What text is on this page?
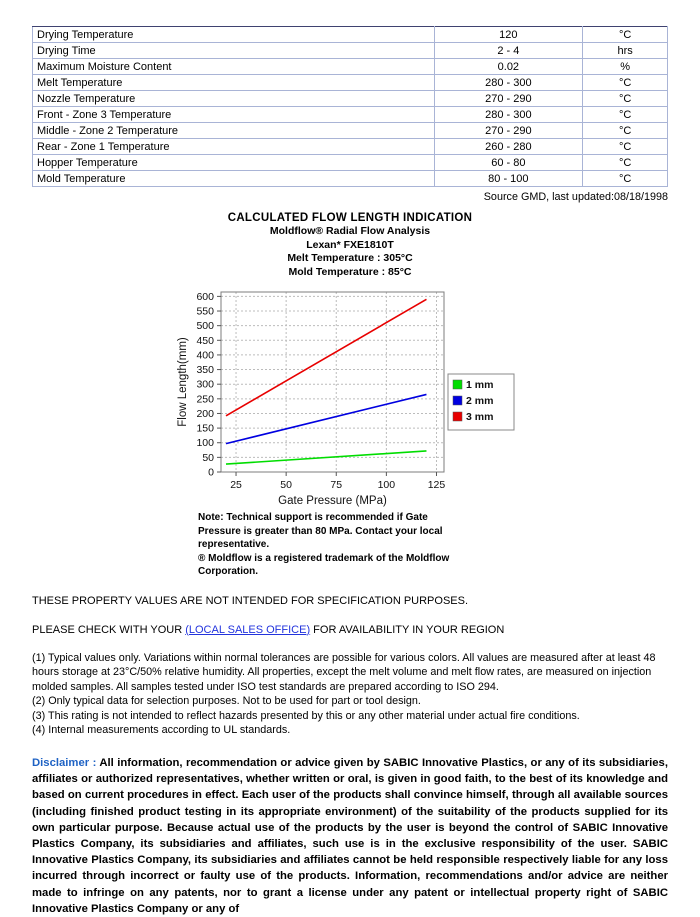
Drying Temperature	120	°C
Drying Time	2 - 4	hrs
Maximum Moisture Content	0.02	%
Melt Temperature	280 - 300	°C
Nozzle Temperature	270 - 290	°C
Front - Zone 3 Temperature	280 - 300	°C
Middle - Zone 2 Temperature	270 - 290	°C
Rear - Zone 1 Temperature	260 - 280	°C
Hopper Temperature	60 - 80	°C
Mold Temperature	80 - 100	°C
Source GMD, last updated:08/18/1998
CALCULATED FLOW LENGTH INDICATION
Moldflow® Radial Flow Analysis
Lexan* FXE1810T
Melt Temperature : 305°C
Mold Temperature : 85°C
0
50
100
150
200
250
300
350
400
450
500
550
600
25	50	75	100	125
Gate Pressure (MPa)
Flow Length(mm)	1 mm
2 mm
3 mm
Note: Technical support is recommended if Gate
Pressure is greater than 80 MPa. Contact your local
representative.
® Moldflow is a registered trademark of the Moldflow
Corporation.

THESE PROPERTY VALUES ARE NOT INTENDED FOR SPECIFICATION PURPOSES.

PLEASE CHECK WITH YOUR (LOCAL SALES OFFICE) FOR AVAILABILITY IN YOUR REGION

(1) Typical values only. Variations within normal tolerances are possible for various colors. All values are measured after at least 48 hours storage at 23°C/50% relative humidity. All properties, except the melt volume and melt flow rates, are measured on injection molded samples. All samples tested under ISO test standards are prepared according to ISO 294.
(2) Only typical data for selection purposes. Not to be used for part or tool design.
(3) This rating is not intended to reflect hazards presented by this or any other material under actual fire conditions.
(4) Internal measurements according to UL standards.

Disclaimer : All information, recommendation or advice given by SABIC Innovative Plastics, or any of its subsidiaries, affiliates or authorized representatives, whether written or oral, is given in good faith, to the best of its knowledge and based on current procedures in effect. Each user of the products shall convince himself, through all available sources (including finished product testing in its appropriate environment) of the suitability of the products supplied for its own particular purpose. Because actual use of the products by the user is beyond the control of SABIC Innovative Plastics Company, its subsidiaries and affiliates, such use is in the exclusive responsibility of the user. SABIC Innovative Plastics Company, its subsidiaries and affiliates cannot be held responsible respectively liable for any loss incurred through incorrect or faulty use of the products. Information, recommendations and/or advice are neither made to infringe on any patents, nor to grant a license under any patent or intellectual property right of SABIC Innovative Plastics Company or any of
